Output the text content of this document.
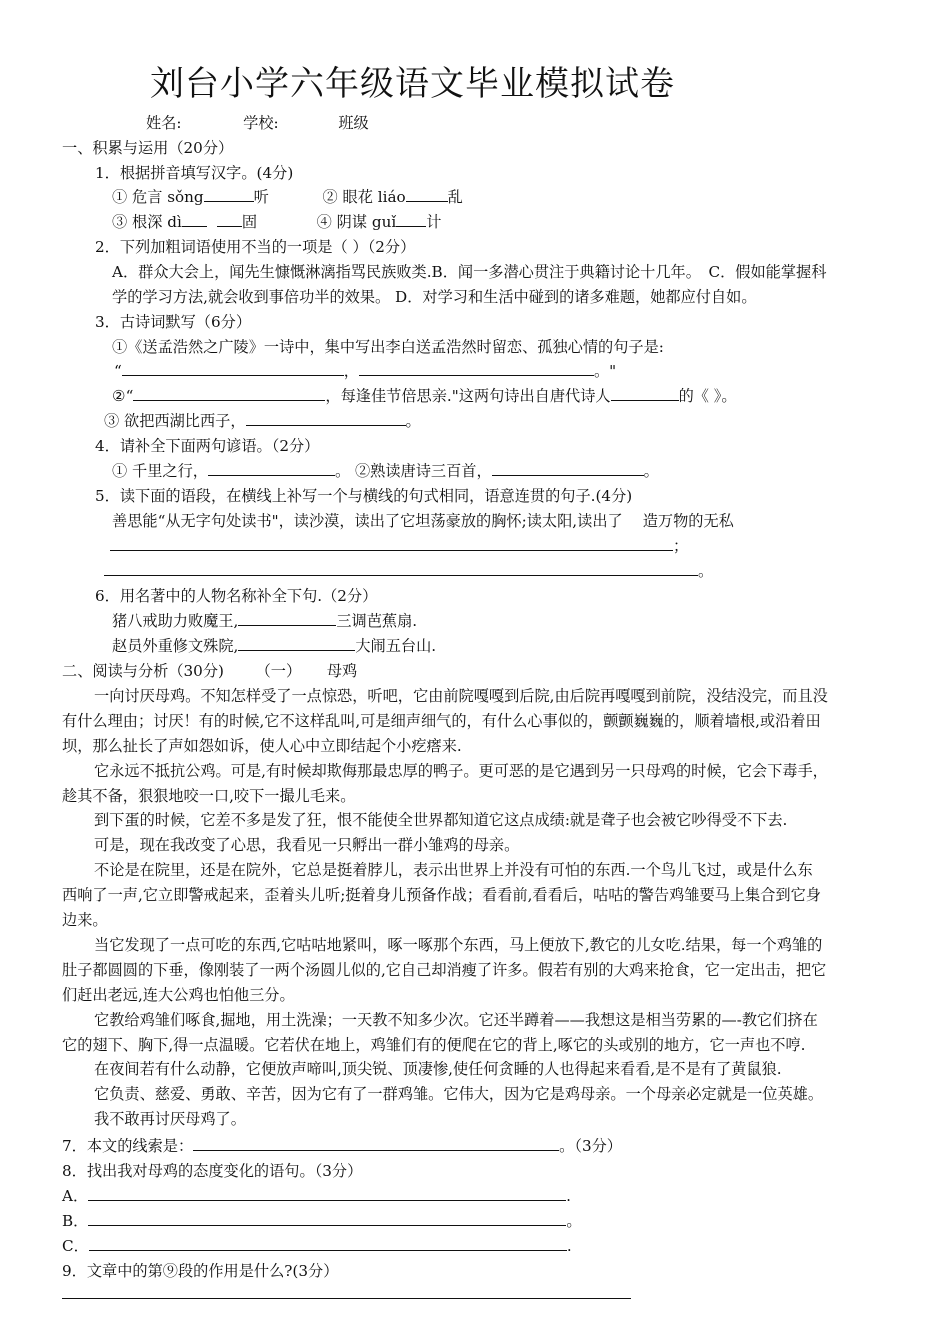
刘台小学六年级语文毕业模拟试卷
姓名:	学校:	班级
一、积累与运用（20分）
1．根据拼音填写汉字。(4分)
① 危言 sǒng	听	② 眼花 liáo	乱
③ 根深 dì	固	④ 阴谋 guǐ 计
2．下列加粗词语使用不当的一项是（ ）（2分）
A．群众大会上，闻先生慷慨淋漓指骂民族败类.B．闻一多潜心贯注于典籍讨论十几年。　C．假如能掌握科
学的学习方法,就会收到事倍功半的效果。 D．对学习和生活中碰到的诸多难题，她都应付自如。
3．古诗词默写（6分）
①《送孟浩然之广陵》一诗中，集中写出李白送孟浩然时留恋、孤独心情的句子是:
“	，	。"
②“	，每逢佳节倍思亲."这两句诗出自唐代诗人	的《 》。
③ 欲把西湖比西子，	。
4．请补全下面两句谚语。（2分）
① 千里之行，	。 ②熟读唐诗三百首，	。
5．读下面的语段，在横线上补写一个与横线的句式相同，语意连贯的句子.(4分)
善思能“从无字句处读书"，读沙漠，读出了它坦荡豪放的胸怀;读太阳,读出了　 造万物的无私
；
。
6．用名著中的人物名称补全下句.（2分）
猪八戒助力败魔王,	三调芭蕉扇.
赵员外重修文殊院,	大闹五台山.
二、阅读与分析（30分) （一） 母鸡
一向讨厌母鸡。不知怎样受了一点惊恐，听吧，它由前院嘎嘎到后院,由后院再嘎嘎到前院，没结没完，而且没
有什么理由；讨厌！有的时候,它不这样乱叫,可是细声细气的，有什么心事似的，颤颤巍巍的，顺着墙根,或沿着田
坝，那么扯长了声如怨如诉，使人心中立即结起个小疙瘩来.
它永远不抵抗公鸡。可是,有时候却欺侮那最忠厚的鸭子。更可恶的是它遇到另一只母鸡的时候，它会下毒手，
趁其不备，狠狠地咬一口,咬下一撮儿毛来。
到下蛋的时候，它差不多是发了狂，恨不能使全世界都知道它这点成绩:就是聋子也会被它吵得受不下去.
可是，现在我改变了心思，我看见一只孵出一群小雏鸡的母亲。
不论是在院里，还是在院外，它总是挺着脖儿，表示出世界上并没有可怕的东西.一个鸟儿飞过，或是什么东
西响了一声,它立即警戒起来，歪着头儿听;挺着身儿预备作战；看看前,看看后，咕咕的警告鸡雏要马上集合到它身
边来。
当它发现了一点可吃的东西,它咕咕地紧叫，啄一啄那个东西，马上便放下,教它的儿女吃.结果，每一个鸡雏的
肚子都圆圆的下垂，像刚装了一两个汤圆儿似的,它自己却消瘦了许多。假若有别的大鸡来抢食，它一定出击，把它
们赶出老远,连大公鸡也怕他三分。
它教给鸡雏们啄食,掘地，用土洗澡；一天教不知多少次。它还半蹲着——我想这是相当劳累的—-教它们挤在
它的翅下、胸下,得一点温暖。它若伏在地上，鸡雏们有的便爬在它的背上,啄它的头或别的地方，它一声也不哼.
在夜间若有什么动静，它便放声啼叫,顶尖锐、顶凄惨,使任何贪睡的人也得起来看看,是不是有了黄鼠狼.
它负责、慈爱、勇敢、辛苦，因为它有了一群鸡雏。它伟大，因为它是鸡母亲。一个母亲必定就是一位英雄。
我不敢再讨厌母鸡了。
7．本文的线索是：	。（3分）
8．找出我对母鸡的态度变化的语句。（3分）
A．	.
B．	。
C．	.
9．文章中的第⑨段的作用是什么?(3分）
